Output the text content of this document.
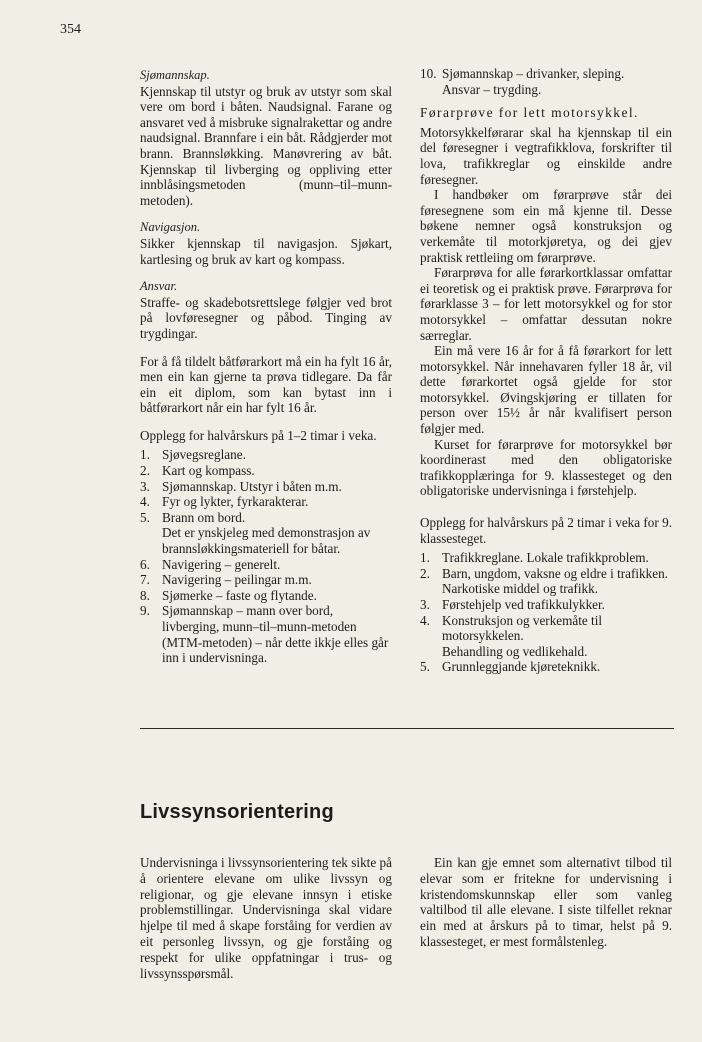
354
Sjømannskap.

Kjennskap til utstyr og bruk av utstyr som skal vere om bord i båten. Naudsignal. Farane og ansvaret ved å misbruke signalrakettar og andre naudsignal. Brannfare i ein båt. Rådgjerder mot brann. Brannsløkking. Manøvrering av båt. Kjennskap til livberging og oppliving etter innblåsingsmetoden (munn–til–munn-metoden).

Navigasjon.

Sikker kjennskap til navigasjon. Sjøkart, kartlesing og bruk av kart og kompass.

Ansvar.

Straffe- og skadebotsrettslege følgjer ved brot på lovføresegner og påbod. Tinging av trygdingar.

For å få tildelt båtførarkort må ein ha fylt 16 år, men ein kan gjerne ta prøva tidlegare. Da får ein eit diplom, som kan bytast inn i båtførarkort når ein har fylt 16 år.

Opplegg for halvårskurs på 1–2 timar i veka.

1. Sjøvegsreglane.
2. Kart og kompass.
3. Sjømannskap. Utstyr i båten m.m.
4. Fyr og lykter, fyrkarakterar.
5. Brann om bord.
Det er ynskjeleg med demonstrasjon av brannsløkkingsmateriell for båtar.
6. Navigering – generelt.
7. Navigering – peilingar m.m.
8. Sjømerke – faste og flytande.
9. Sjømannskap – mann over bord, livberging, munn–til–munn-metoden (MTM-metoden) – når dette ikkje elles går inn i undervisninga.
10. Sjømannskap – drivanker, sleping.
Ansvar – trygding.
Førarprøve for lett motorsykkel.

Motorsykkelførarar skal ha kjennskap til ein del føresegner i vegtrafikklova, forskrifter til lova, trafikkreglar og einskilde andre føresegner.

I handbøker om førarprøve står dei føresegnene som ein må kjenne til. Desse bøkene nemner også konstruksjon og verkemåte til motorkjøretya, og dei gjev praktisk rettleiing om førarprøve.

Førarprøva for alle førarkortklassar omfattar ei teoretisk og ei praktisk prøve. Førarprøva for førarklasse 3 – for lett motorsykkel og for stor motorsykkel – omfattar dessutan nokre særreglar.

Ein må vere 16 år for å få førarkort for lett motorsykkel. Når innehavaren fyller 18 år, vil dette førarkortet også gjelde for stor motorsykkel. Øvingskjøring er tillaten for person over 15½ år når kvalifisert person følgjer med.

Kurset for førarprøve for motorsykkel bør koordinerast med den obligatoriske trafikkopplæringa for 9. klassesteget og den obligatoriske undervisninga i førstehjelp.

Opplegg for halvårskurs på 2 timar i veka for 9. klassesteget.

1. Trafikkreglane. Lokale trafikkproblem.
2. Barn, ungdom, vaksne og eldre i trafikken.
Narkotiske middel og trafikk.
3. Førstehjelp ved trafikkulykker.
4. Konstruksjon og verkemåte til motorsykkelen.
Behandling og vedlikehald.
5. Grunnleggjande kjøreteknikk.
Livssynsorientering

Undervisninga i livssynsorientering tek sikte på å orientere elevane om ulike livssyn og religionar, og gje elevane innsyn i etiske problemstillingar. Undervisninga skal vidare hjelpe til med å skape forståing for verdien av eit personleg livssyn, og gje forståing og respekt for ulike oppfatningar i trus- og livssynsspørsmål.

Ein kan gje emnet som alternativt tilbod til elevar som er fritekne for undervisning i kristendomskunnskap eller som vanleg valtilbod til alle elevane. I siste tilfellet reknar ein med at årskurs på to timar, helst på 9. klassesteget, er mest formålstenleg.
